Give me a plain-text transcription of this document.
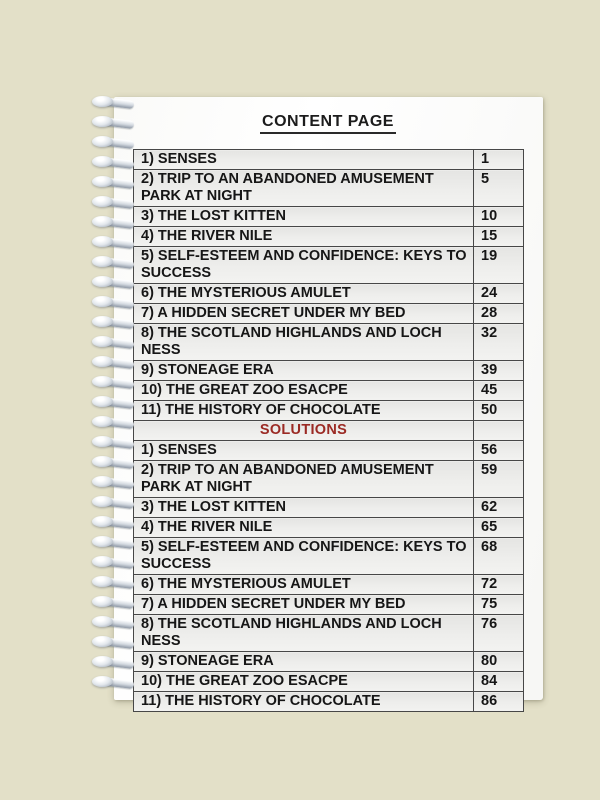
CONTENT PAGE
1) SENSES	1

2) TRIP TO AN ABANDONED AMUSEMENT
PARK AT NIGHT	5

3) THE LOST KITTEN	10

4) THE RIVER NILE	15

5) SELF-ESTEEM AND CONFIDENCE: KEYS TO
SUCCESS	19

6) THE MYSTERIOUS AMULET	24

7) A HIDDEN SECRET UNDER MY BED	28

8) THE SCOTLAND HIGHLANDS AND LOCH
NESS	32

9) STONEAGE ERA	39

10) THE GREAT ZOO ESACPE	45

11) THE HISTORY OF CHOCOLATE	50
SOLUTIONS	

1) SENSES	56

2) TRIP TO AN ABANDONED AMUSEMENT
PARK AT NIGHT	59

3) THE LOST KITTEN	62

4) THE RIVER NILE	65

5) SELF-ESTEEM AND CONFIDENCE: KEYS TO
SUCCESS	68

6) THE MYSTERIOUS AMULET	72

7) A HIDDEN SECRET UNDER MY BED	75

8) THE SCOTLAND HIGHLANDS AND LOCH
NESS	76

9) STONEAGE ERA	80

10) THE GREAT ZOO ESACPE	84

11) THE HISTORY OF CHOCOLATE	86
